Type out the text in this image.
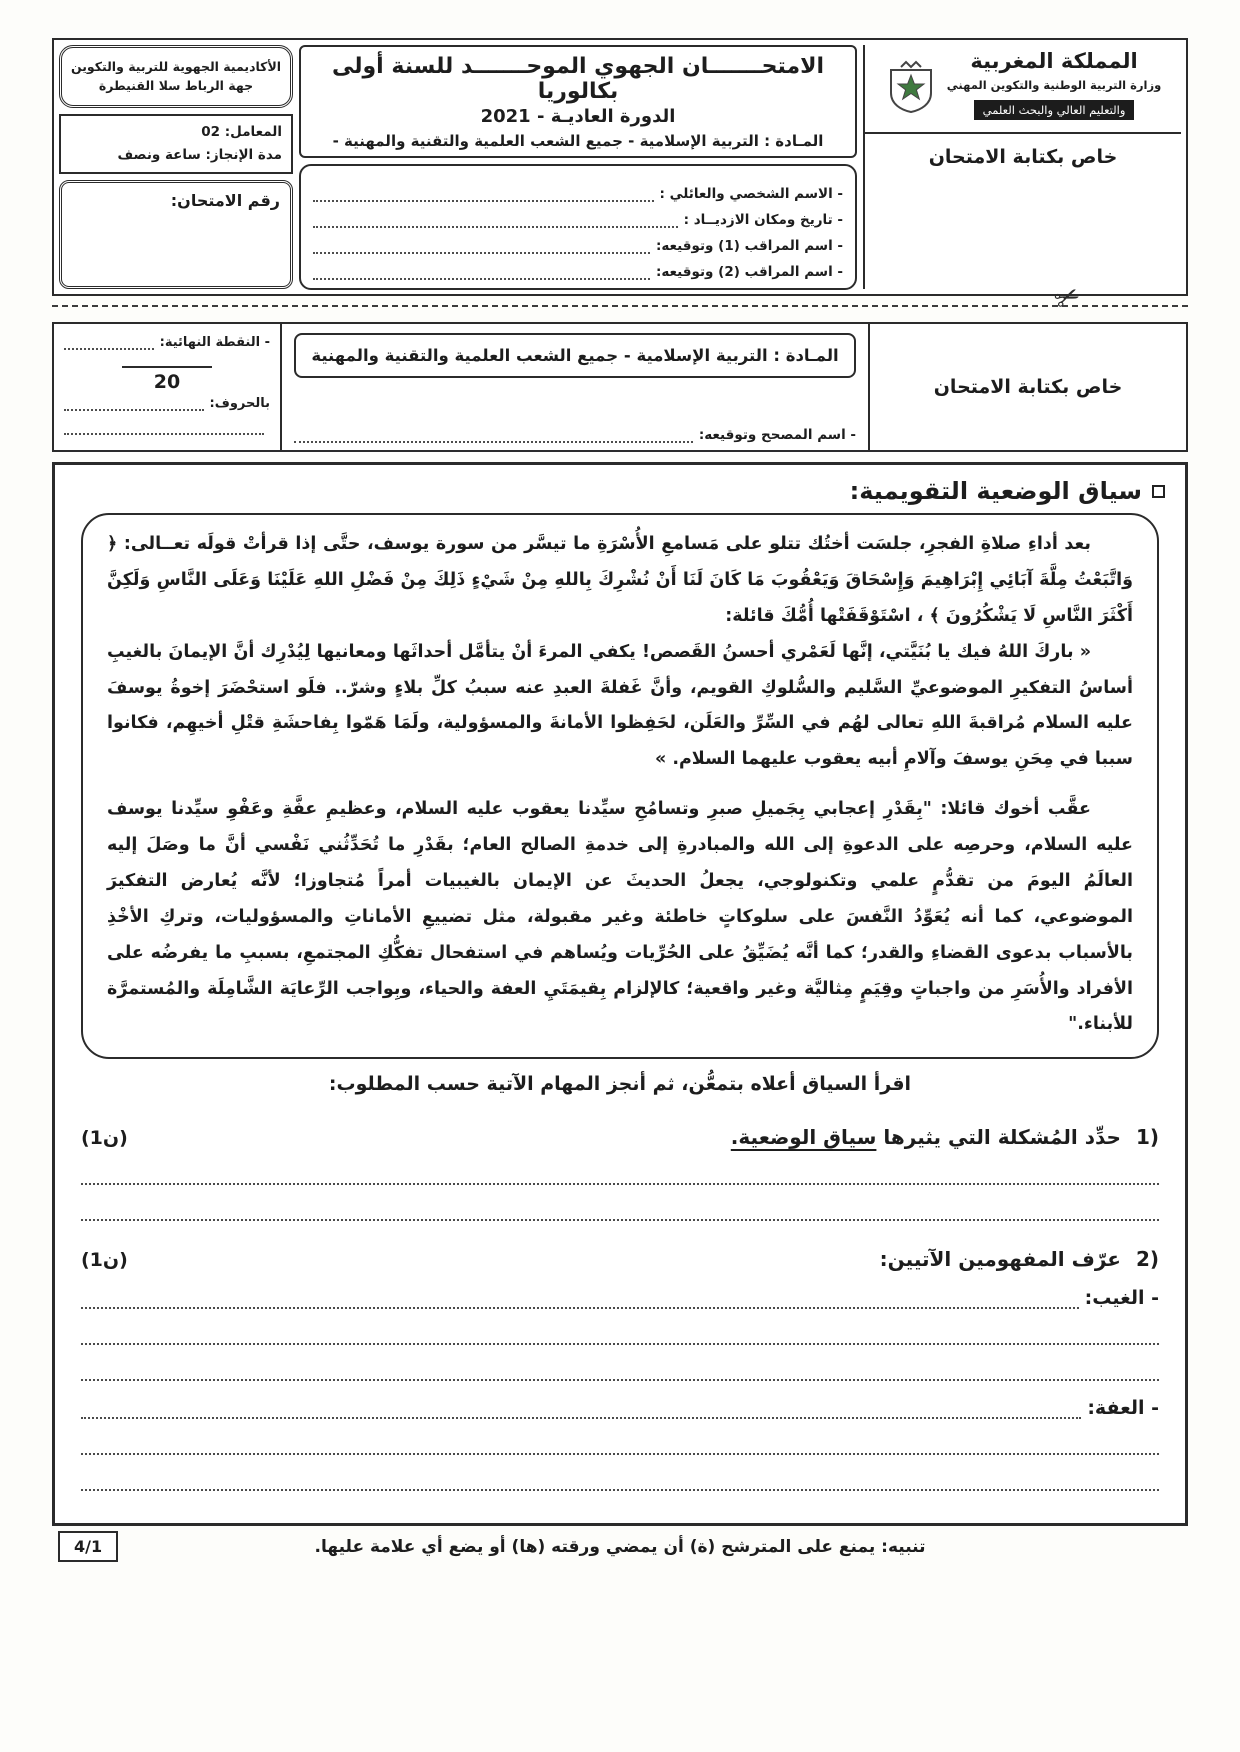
المملكة المغربية
وزارة التربية الوطنية والتكوين المهني
والتعليم العالي والبحث العلمي
خاص بكتابة الامتحان
الامتحـــــــان الجهوي الموحـــــــد للسنة أولى بكالوريا
الدورة العاديـة - 2021
المـادة : التربية الإسلامية - جميع الشعب العلمية والتقنية والمهنية -
- الاسم الشخصي والعائلي :
- تاريخ ومكان الازديــاد :
- اسم المراقب (1) وتوقيعه:
- اسم المراقب (2) وتوقيعه:
الأكاديمية الجهوية للتربية والتكوين
جهة الرباط سلا القنيطرة
المعامل: 02
مدة الإنجاز: ساعة ونصف
رقم الامتحان:
✂
خاص بكتابة الامتحان
المـادة : التربية الإسلامية - جميع الشعب العلمية والتقنية والمهنية
- اسم المصحح وتوقيعه:
- النقطة النهائية:
20
بالحروف:
سياق الوضعية التقويمية:

بعد أداءِ صلاةِ الفجرِ، جلسَت أختُك تتلو على مَسامعِ الأُسْرَةِ ما تيسَّر من سورة يوسف، حتَّى إذا قرأتْ قولَه تعــالى: ﴿ وَاتَّبَعْتُ مِلَّةَ آبَائِي إِبْرَاهِيمَ وَإِسْحَاقَ وَيَعْقُوبَ مَا كَانَ لَنَا أَنْ نُشْرِكَ بِاللهِ مِنْ شَيْءٍ ذَلِكَ مِنْ فَضْلِ اللهِ عَلَيْنَا وَعَلَى النَّاسِ وَلَكِنَّ أَكْثَرَ النَّاسِ لَا يَشْكُرُونَ ﴾ ، اسْتَوْقَفَتْها أُمُّكَ قائلة:

« باركَ اللهُ فيك يا بُنَيَّتي، إنَّها لَعَمْري أحسنُ القَصص! يكفي المرءَ أنْ يتأمَّل أحداثَها ومعانيها لِيُدْرِك أنَّ الإيمانَ بالغيبِ أساسُ التفكيرِ الموضوعيِّ السَّليم والسُّلوكِ القويم، وأنَّ غَفلةَ العبدِ عنه سببُ كلِّ بلاءٍ وشرّ.. فلَو استحْضَرَ إخوةُ يوسفَ عليه السلام مُراقبةَ اللهِ تعالى لهُم في السِّرِّ والعَلَن، لحَفِظوا الأمانةَ والمسؤولية، ولَمَا هَمّوا بِفاحشَةِ قتْلِ أخيهِم، فكانوا سببا في مِحَنِ يوسفَ وآلامِ أبيه يعقوب عليهما السلام. »

عقَّب أخوك قائلا: "بِقَدْرِ إعجابي بِجَميلِ صبرِ وتسامُحِ سيِّدنا يعقوب عليه السلام، وعظيمِ عفَّةِ وعَفْوِ سيِّدنا يوسف عليه السلام، وحرصِه على الدعوةِ إلى الله والمبادرةِ إلى خدمةِ الصالح العام؛ بقَدْرِ ما تُحَدِّثُني نَفْسي أنَّ ما وصَلَ إليه العالَمُ اليومَ من تقدُّمٍ علمي وتكنولوجي، يجعلُ الحديثَ عن الإيمان بالغيبيات أمراً مُتجاوزا؛ لأنَّه يُعارض التفكيرَ الموضوعي، كما أنه يُعَوِّدُ النَّفسَ على سلوكاتٍ خاطئة وغير مقبولة، مثل تضييعِ الأماناتِ والمسؤوليات، وتركِ الأخْذِ بالأسباب بدعوى القضاءِ والقدر؛ كما أنَّه يُضَيِّقُ على الحُرِّيات ويُساهم في استفحال تفكُّكِ المجتمعِ، بسببِ ما يفرضُه على الأفراد والأُسَرِ من واجباتٍ وقِيَمٍ مِثاليَّة وغير واقعية؛ كالإلزام بِقيمَتَيِ العفة والحياء، وبِواجب الرِّعايَة الشَّامِلَة والمُستمرَّة للأبناء."

اقرأ السياق أعلاه بتمعُّن، ثم أنجز المهام الآتية حسب المطلوب:
1) حدِّد المُشكلة التي يثيرها سياق الوضعية.
(1ن)
2) عرّف المفهومين الآتيين:
(1ن)
- الغيب:
- العفة:
تنبيه: يمنع على المترشح (ة) أن يمضي ورقته (ها) أو يضع أي علامة عليها.
4/1
